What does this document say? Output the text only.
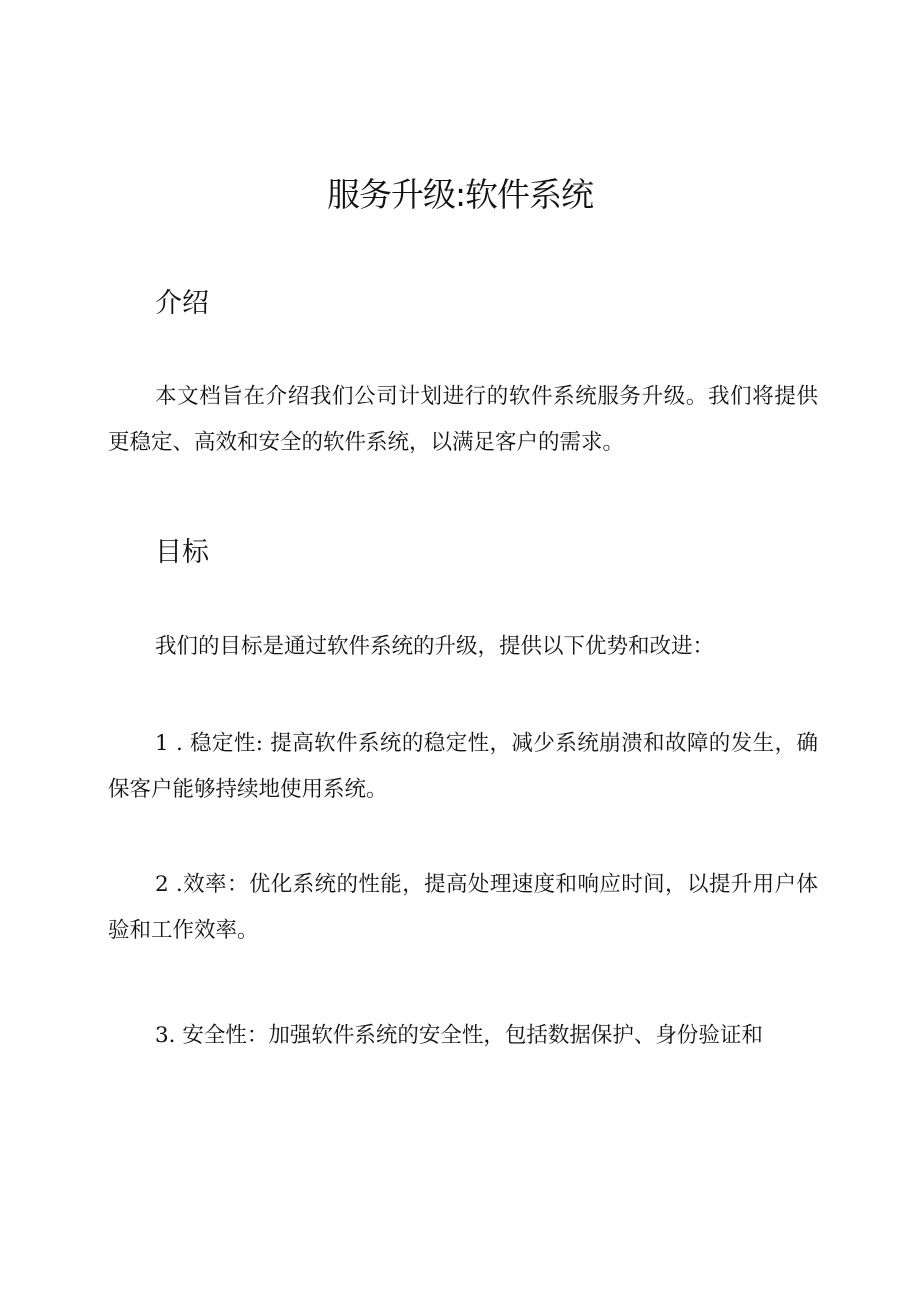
服务升级:软件系统
介绍

本文档旨在介绍我们公司计划进行的软件系统服务升级。我们将提供更稳定、高效和安全的软件系统，以满足客户的需求。

目标

我们的目标是通过软件系统的升级，提供以下优势和改进：

1 . 稳定性: 提高软件系统的稳定性，减少系统崩溃和故障的发生，确保客户能够持续地使用系统。

2 .效率：优化系统的性能，提高处理速度和响应时间，以提升用户体验和工作效率。

3. 安全性：加强软件系统的安全性，包括数据保护、身份验证和
